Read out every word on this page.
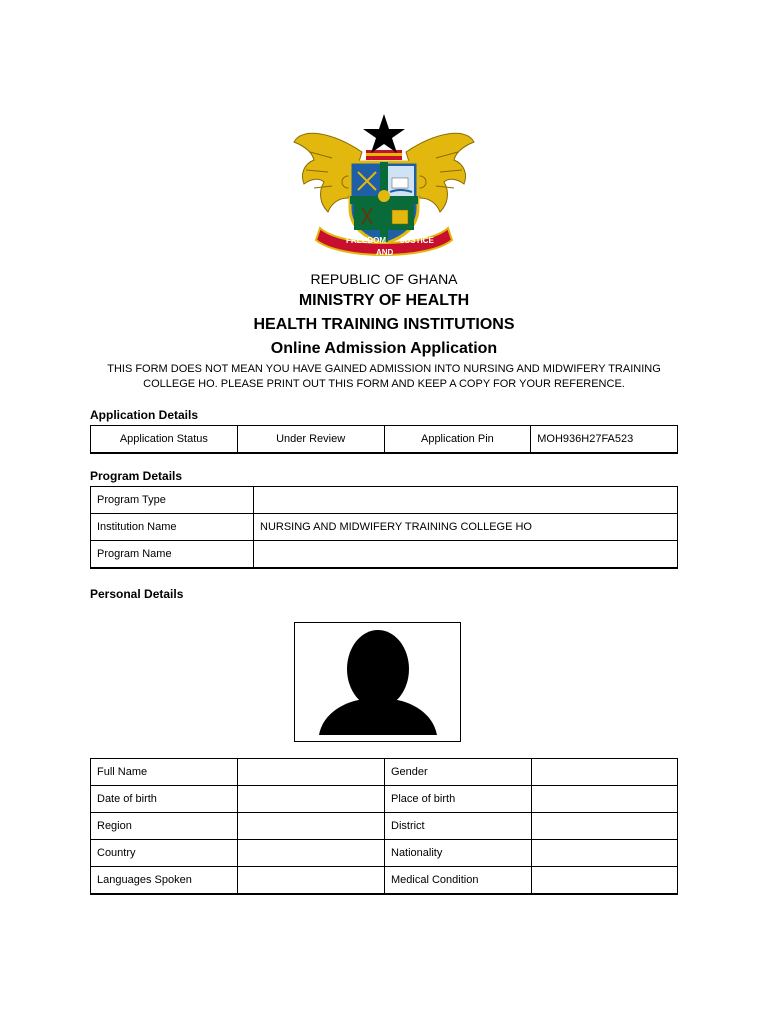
FREEDOM
AND
JUSTICE
REPUBLIC OF GHANA
MINISTRY OF HEALTH
HEALTH TRAINING INSTITUTIONS
Online Admission Application
THIS FORM DOES NOT MEAN YOU HAVE GAINED ADMISSION INTO NURSING AND MIDWIFERY TRAINING
COLLEGE HO. PLEASE PRINT OUT THIS FORM AND KEEP A COPY FOR YOUR REFERENCE.
Application Details
Application Status	Under Review	Application Pin	MOH936H27FA523
Program Details
Program Type	
Institution Name	NURSING AND MIDWIFERY TRAINING COLLEGE HO
Program Name	
Personal Details
Full Name		Gender	
Date of birth		Place of birth	
Region		District	
Country		Nationality	
Languages Spoken		Medical Condition	
